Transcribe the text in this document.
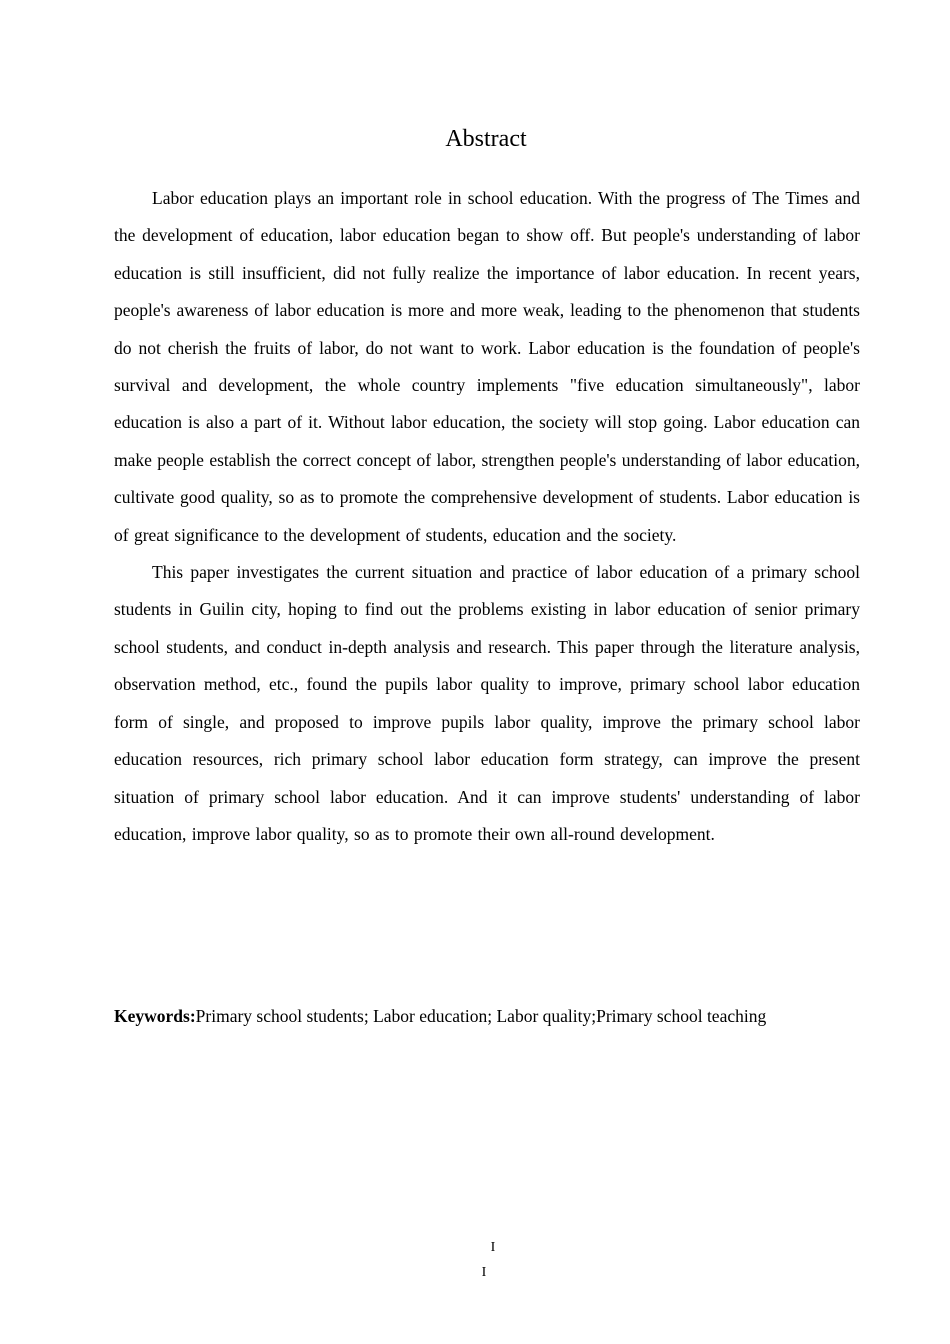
Abstract

Labor education plays an important role in school education. With the progress of The Times and the development of education, labor education began to show off. But people's understanding of labor education is still insufficient, did not fully realize the importance of labor education. In recent years, people's awareness of labor education is more and more weak, leading to the phenomenon that students do not cherish the fruits of labor, do not want to work. Labor education is the foundation of people's survival and development, the whole country implements "five education simultaneously", labor education is also a part of it. Without labor education, the society will stop going. Labor education can make people establish the correct concept of labor, strengthen people's understanding of labor education, cultivate good quality, so as to promote the comprehensive development of students. Labor education is of great significance to the development of students, education and the society.

This paper investigates the current situation and practice of labor education of a primary school students in Guilin city, hoping to find out the problems existing in labor education of senior primary school students, and conduct in-depth analysis and research. This paper through the literature analysis, observation method, etc., found the pupils labor quality to improve, primary school labor education form of single, and proposed to improve pupils labor quality, improve the primary school labor education resources, rich primary school labor education form strategy, can improve the present situation of primary school labor education. And it can improve students' understanding of labor education, improve labor quality, so as to promote their own all-round development.

Keywords:Primary school students; Labor education; Labor quality;Primary school teaching

I
I
